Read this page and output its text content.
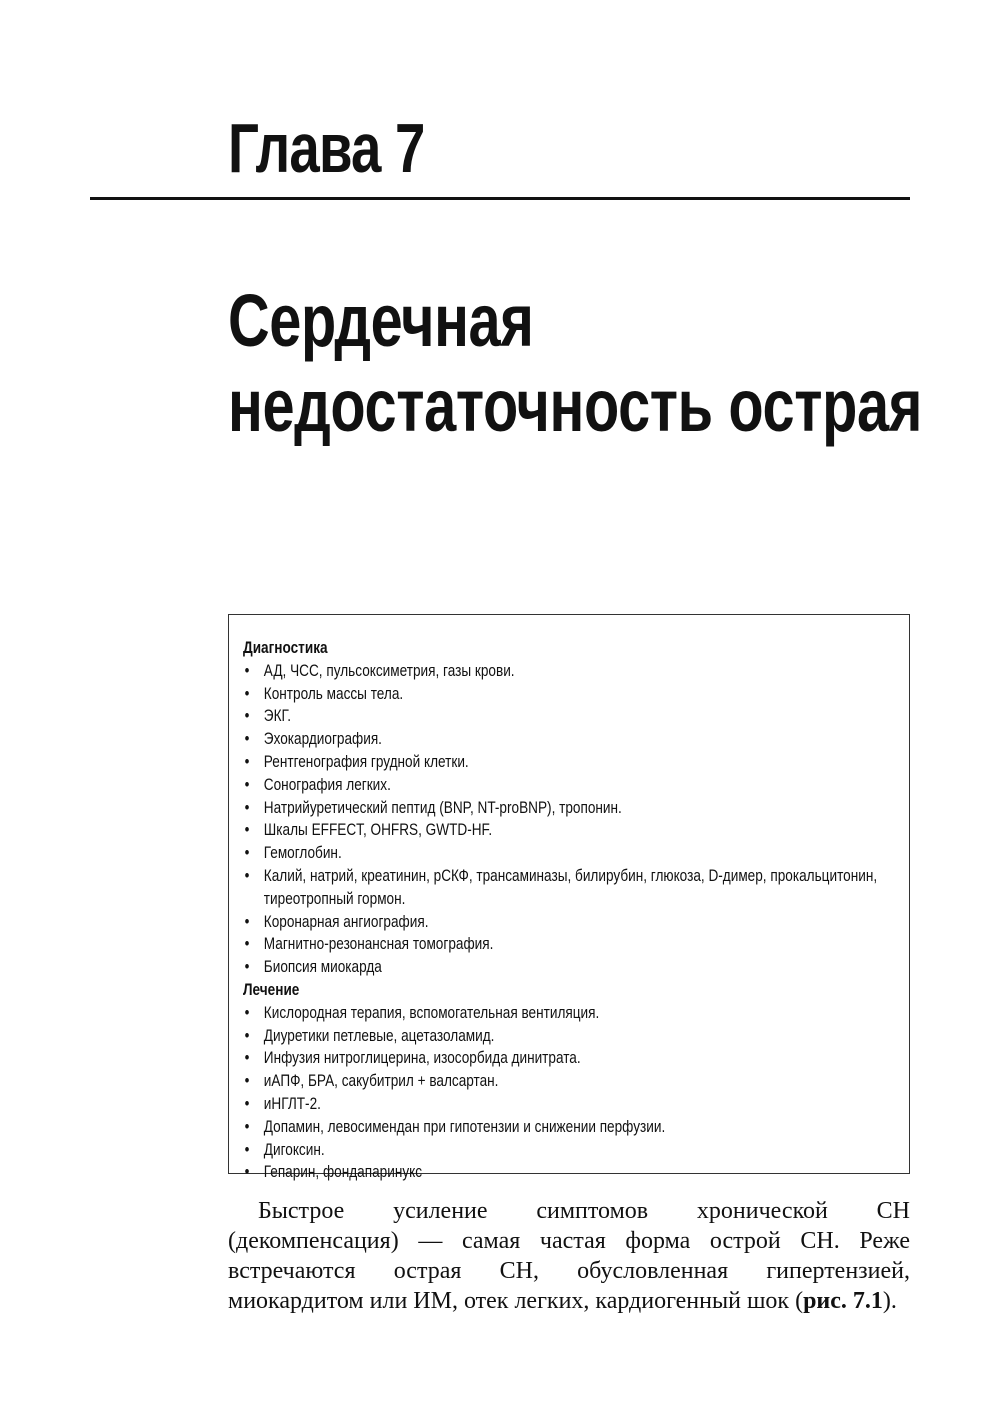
Глава 7
Сердечная
недостаточность острая

Диагностика

• АД, ЧСС, пульсоксиметрия, газы крови.
• Контроль массы тела.
• ЭКГ.
• Эхокардиография.
• Рентгенография грудной клетки.
• Сонография легких.
• Натрийуретический пептид (BNP, NT-proBNP), тропонин.
• Шкалы EFFECT, OHFRS, GWTD-HF.
• Гемоглобин.
• Калий, натрий, креатинин, рСКФ, трансаминазы, билирубин, глюкоза, D-димер, прокальцитонин, тиреотропный гормон.
• Коронарная ангиография.
• Магнитно-резонансная томография.
• Биопсия миокарда

Лечение

• Кислородная терапия, вспомогательная вентиляция.
• Диуретики петлевые, ацетазоламид.
• Инфузия нитроглицерина, изосорбида динитрата.
• иАПФ, БРА, сакубитрил + валсартан.
• иНГЛТ-2.
• Допамин, левосимендан при гипотензии и снижении перфузии.
• Дигоксин.
• Гепарин, фондапаринукс

Быстрое усиление симптомов хронической СН (декомпенсация) — самая частая форма острой СН. Реже встречаются острая СН, обусловленная гипертензией, миокардитом или ИМ, отек легких, кардиогенный шок (рис. 7.1).
